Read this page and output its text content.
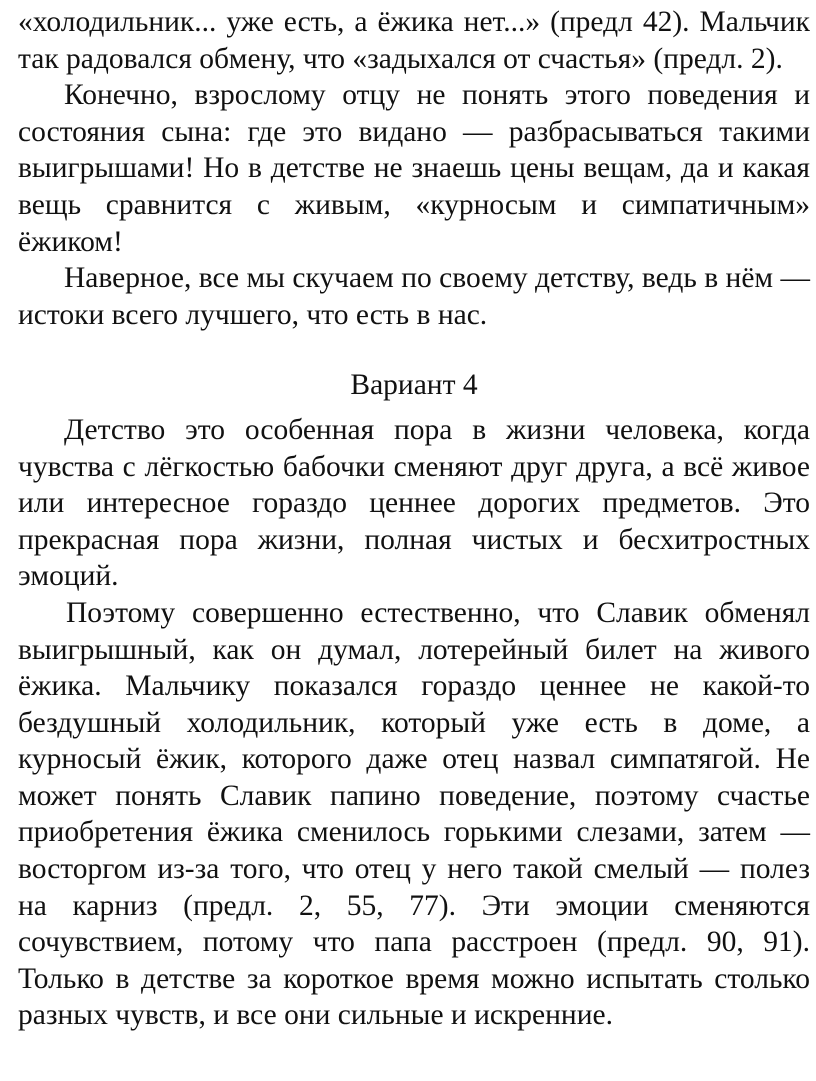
«холодильник... уже есть, а ёжика нет...» (предл 42). Мальчик так радовался обмену, что «задыхался от счастья» (предл. 2).

Конечно, взрослому отцу не понять этого поведения и состояния сына: где это видано — разбрасываться такими выигрышами! Но в детстве не знаешь цены вещам, да и какая вещь сравнится с живым, «курносым и симпатичным» ёжиком!

Наверное, все мы скучаем по своему детству, ведь в нём — истоки всего лучшего, что есть в нас.

Вариант 4

Детство это особенная пора в жизни человека, когда чувства с лёгкостью бабочки сменяют друг друга, а всё живое или интересное гораздо ценнее дорогих предметов. Это прекрасная пора жизни, полная чистых и бесхитростных эмоций.

Поэтому совершенно естественно, что Славик обменял выигрышный, как он думал, лотерейный билет на живого ёжика. Мальчику показался гораздо ценнее не какой-то бездушный холодильник, который уже есть в доме, а курносый ёжик, которого даже отец назвал симпатягой. Не может понять Славик папино поведение, поэтому счастье приобретения ёжика сменилось горькими слезами, затем — восторгом из-за того, что отец у него такой смелый — полез на карниз (предл. 2, 55, 77). Эти эмоции сменяются сочувствием, потому что папа расстроен (предл. 90, 91). Только в детстве за короткое время можно испытать столько разных чувств, и все они сильные и искренние.
